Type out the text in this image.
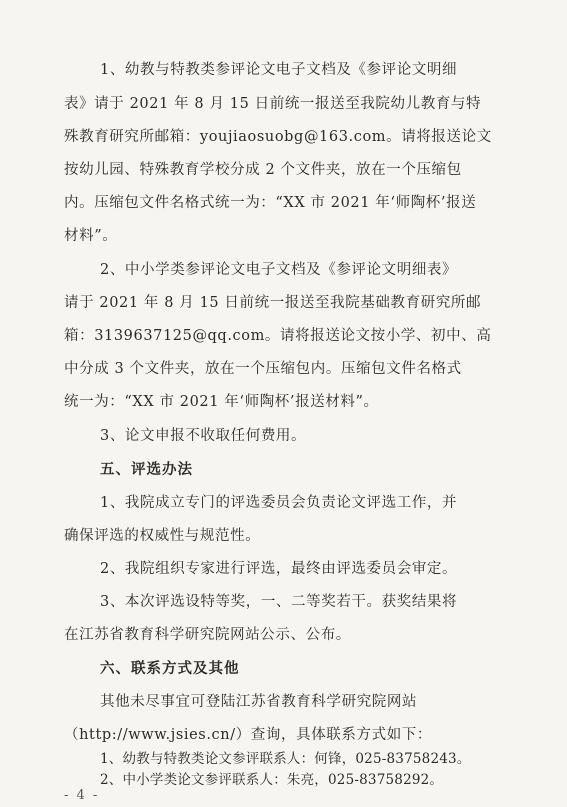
1、幼教与特教类参评论文电子文档及《参评论文明细
表》请于 2021 年 8 月 15 日前统一报送至我院幼儿教育与特
殊教育研究所邮箱：youjiaosuobg@163.com。请将报送论文
按幼儿园、特殊教育学校分成 2 个文件夹，放在一个压缩包
内。压缩包文件名格式统一为：“XX 市 2021 年‘师陶杯’报送
材料”。
2、中小学类参评论文电子文档及《参评论文明细表》
请于 2021 年 8 月 15 日前统一报送至我院基础教育研究所邮
箱：3139637125@qq.com。请将报送论文按小学、初中、高
中分成 3 个文件夹，放在一个压缩包内。压缩包文件名格式
统一为：“XX 市 2021 年‘师陶杯’报送材料”。
3、论文申报不收取任何费用。
五、评选办法
1、我院成立专门的评选委员会负责论文评选工作，并
确保评选的权威性与规范性。
2、我院组织专家进行评选，最终由评选委员会审定。
3、本次评选设特等奖，一、二等奖若干。获奖结果将
在江苏省教育科学研究院网站公示、公布。
六、联系方式及其他
其他未尽事宜可登陆江苏省教育科学研究院网站
（http://www.jsies.cn/）查询，具体联系方式如下：
1、幼教与特教类论文参评联系人：何锋，025-83758243。
2、中小学类论文参评联系人：朱亮，025-83758292。
- 4 -
